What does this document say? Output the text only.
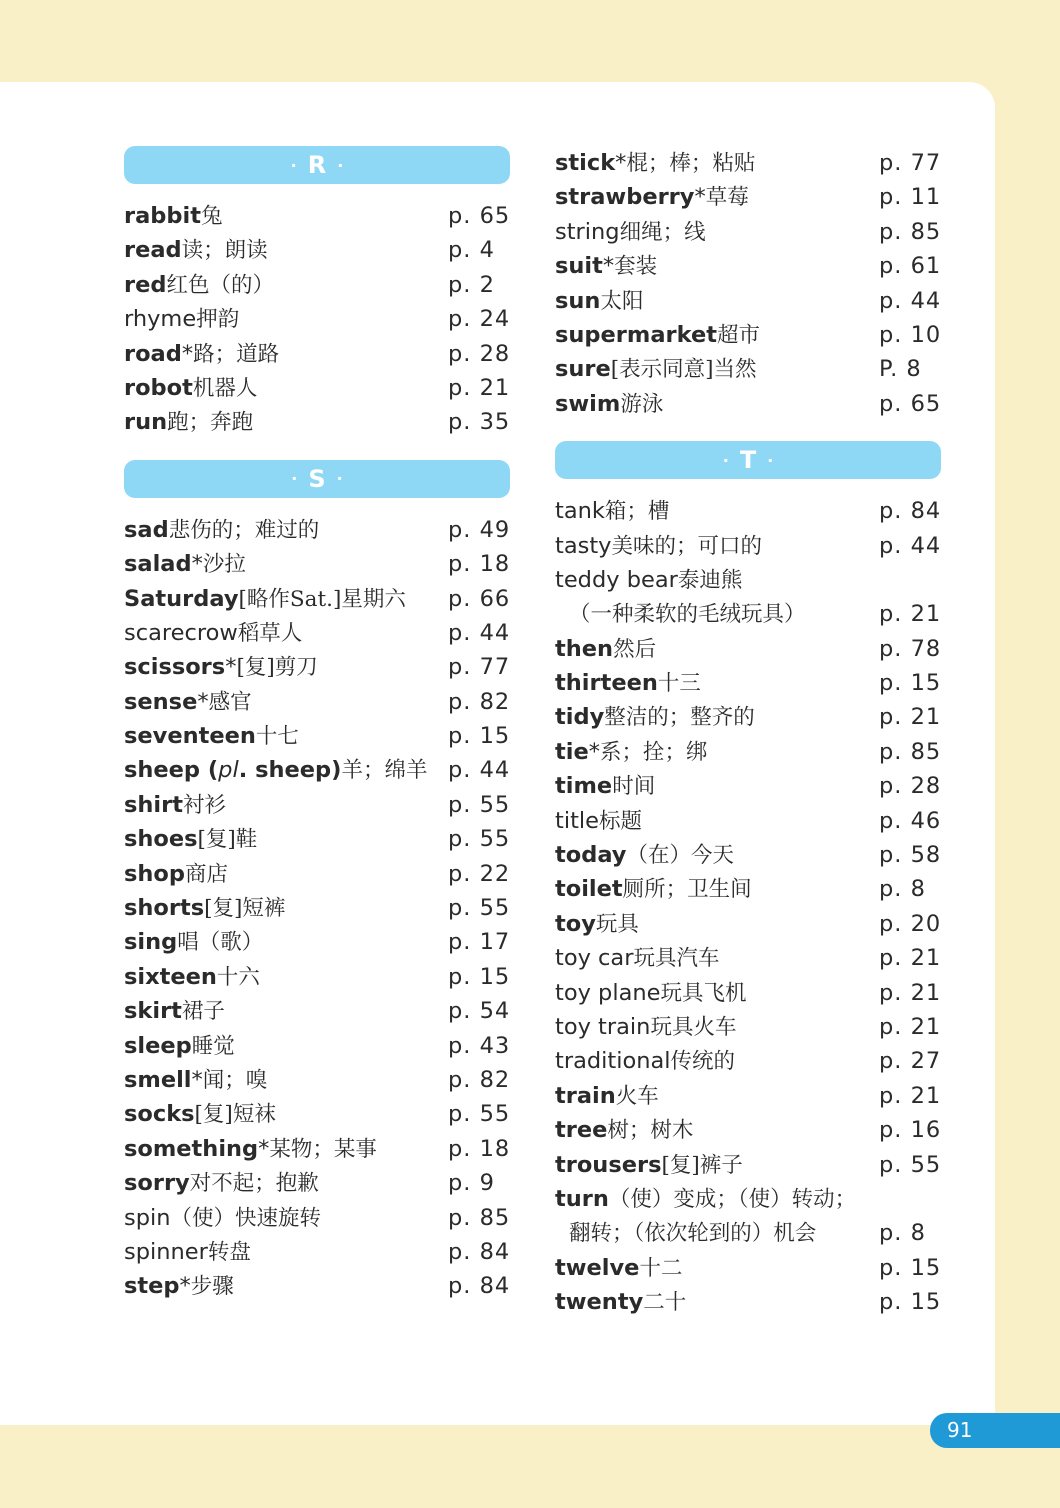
· R ·
rabbit兔	p. 65
read读；朗读	p. 4
red红色（的）	p. 2
rhyme押韵	p. 24
road*路；道路	p. 28
robot机器人	p. 21
run跑；奔跑	p. 35
· S ·
sad悲伤的；难过的	p. 49
salad*沙拉	p. 18
Saturday[略作Sat.]星期六 p. 66
scarecrow稻草人	p. 44
scissors*[复]剪刀	p. 77
sense*感官	p. 82
seventeen十七	p. 15
sheep (pl. sheep)羊；绵羊 p. 44
shirt衬衫	p. 55
shoes[复]鞋	p. 55
shop商店	p. 22
shorts[复]短裤	p. 55
sing唱（歌）	p. 17
sixteen十六	p. 15
skirt裙子	p. 54
sleep睡觉	p. 43
smell*闻；嗅	p. 82
socks[复]短袜	p. 55
something*某物；某事	p. 18
sorry对不起；抱歉	p. 9
spin（使）快速旋转	p. 85
spinner转盘	p. 84
step*步骤	p. 84
stick*棍；棒；粘贴	p. 77
strawberry*草莓	p. 11
string细绳；线	p. 85
suit*套装	p. 61
sun太阳	p. 44
supermarket超市	p. 10
sure[表示同意]当然	P. 8
swim游泳	p. 65
· T ·
tank箱；槽	p. 84
tasty美味的；可口的	p. 44
teddy bear泰迪熊
（一种柔软的毛绒玩具）	p. 21
then然后	p. 78
thirteen十三	p. 15
tidy整洁的；整齐的	p. 21
tie*系；拴；绑	p. 85
time时间	p. 28
title标题	p. 46
today（在）今天	p. 58
toilet厕所；卫生间	p. 8
toy玩具	p. 20
toy car玩具汽车	p. 21
toy plane玩具飞机	p. 21
toy train玩具火车	p. 21
traditional传统的	p. 27
train火车	p. 21
tree树；树木	p. 16
trousers[复]裤子	p. 55
turn（使）变成；（使）转动；
翻转；（依次轮到的）机会	p. 8
twelve十二	p. 15
twenty二十	p. 15
91
